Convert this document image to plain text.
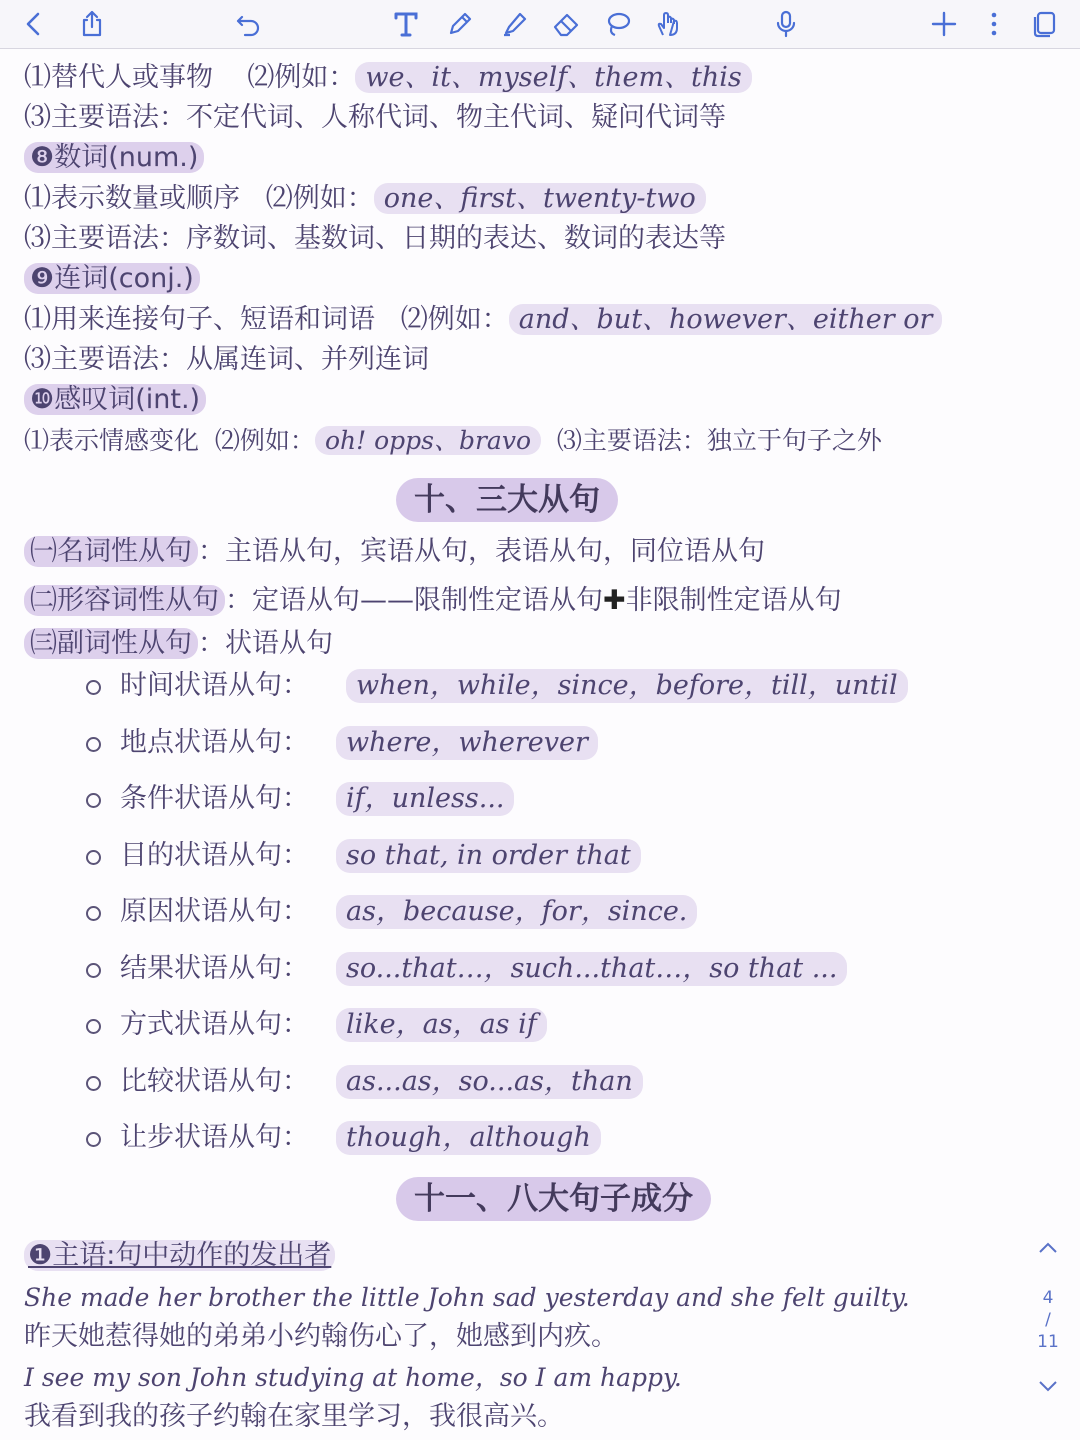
⑴替代人或事物 ⑵例如： we、it、myself、them、this
⑶主要语法：不定代词、人称代词、物主代词、疑问代词等
❽数词(num.)
⑴表示数量或顺序 ⑵例如： one、first、twenty-two
⑶主要语法：序数词、基数词、日期的表达、数词的表达等
❾连词(conj.)
⑴用来连接句子、短语和词语 ⑵例如： and、but、however、either or
⑶主要语法：从属连词、并列连词
❿感叹词(int.)
⑴表示情感变化 ⑵例如： oh! opps、bravo ⑶主要语法：独立于句子之外
十、三大从句
㈠名词性从句 ：主语从句，宾语从句，表语从句，同位语从句
㈡形容词性从句 ：定语从句——限制性定语从句✚非限制性定语从句
㈢副词性从句 ：状语从句
时间状语从句：	when，while，since，before，till，until
地点状语从句：	where，wherever
条件状语从句：	if，unless...
目的状语从句：	so that, in order that
原因状语从句：	as，because，for，since.
结果状语从句：	so...that…，such...that…，so that ...
方式状语从句：	like，as，as if
比较状语从句：	as...as，so...as，than
让步状语从句：	though，although
十一、八大句子成分
❶主语:句中动作的发出者
She made her brother the little John sad yesterday and she felt guilty.
昨天她惹得她的弟弟小约翰伤心了，她感到内疚。
I see my son John studying at home，so I am happy.
我看到我的孩子约翰在家里学习，我很高兴。
4
/
11
